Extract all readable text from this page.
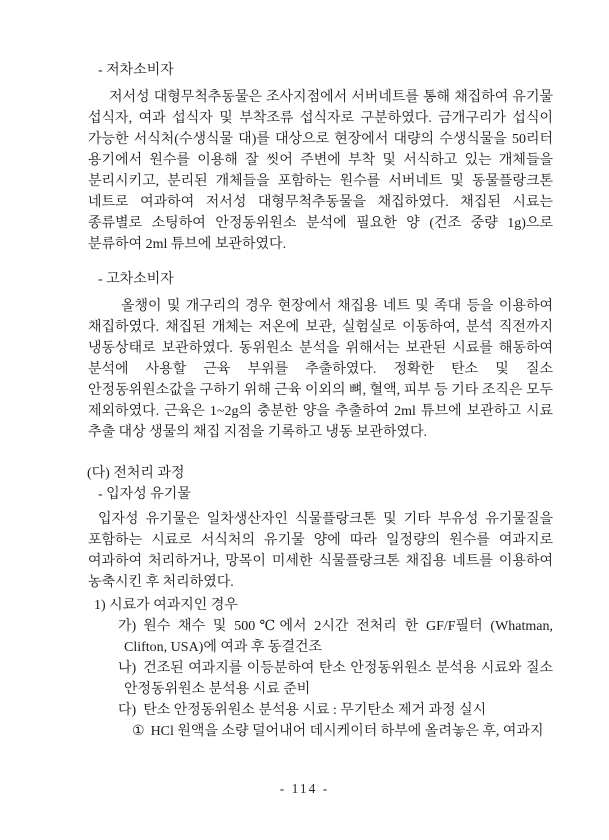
- 저차소비자

저서성 대형무척추동물은 조사지점에서 서버네트를 통해 채집하여 유기물 섭식자, 여과 섭식자 및 부착조류 섭식자로 구분하였다. 금개구리가 섭식이 가능한 서식처(수생식물 대)를 대상으로 현장에서 대량의 수생식물을 50리터 용기에서 원수를 이용해 잘 씻어 주변에 부착 및 서식하고 있는 개체들을 분리시키고, 분리된 개체들을 포함하는 원수를 서버네트 및 동물플랑크톤 네트로 여과하여 저서성 대형무척추동물을 채집하였다. 채집된 시료는 종류별로 소팅하여 안정동위원소 분석에 필요한 양 (건조 중량 1g)으로 분류하여 2ml 튜브에 보관하였다.

- 고차소비자

올챙이 및 개구리의 경우 현장에서 채집용 네트 및 족대 등을 이용하여 채집하였다. 채집된 개체는 저온에 보관, 실험실로 이동하여, 분석 직전까지 냉동상태로 보관하였다. 동위원소 분석을 위해서는 보관된 시료를 해동하여 분석에 사용할 근육 부위를 추출하였다. 정확한 탄소 및 질소 안정동위원소값을 구하기 위해 근육 이외의 뼈, 혈액, 피부 등 기타 조직은 모두 제외하였다. 근육은 1~2g의 충분한 양을 추출하여 2ml 튜브에 보관하고 시료 추출 대상 생물의 채집 지점을 기록하고 냉동 보관하였다.

(다) 전처리 과정

- 입자성 유기물

입자성 유기물은 일차생산자인 식물플랑크톤 및 기타 부유성 유기물질을 포함하는 시료로 서식처의 유기물 양에 따라 일정량의 원수를 여과지로 여과하여 처리하거나, 망목이 미세한 식물플랑크톤 채집용 네트를 이용하여 농축시킨 후 처리하였다.

1) 시료가 여과지인 경우

가) 원수 채수 및 500℃에서 2시간 전처리 한 GF/F필터 (Whatman, Clifton, USA)에 여과 후 동결건조

나) 건조된 여과지를 이등분하여 탄소 안정동위원소 분석용 시료와 질소 안정동위원소 분석용 시료 준비

다) 탄소 안정동위원소 분석용 시료 : 무기탄소 제거 과정 실시

① HCl 원액을 소량 덜어내어 데시케이터 하부에 올려놓은 후, 여과지

- 114 -
